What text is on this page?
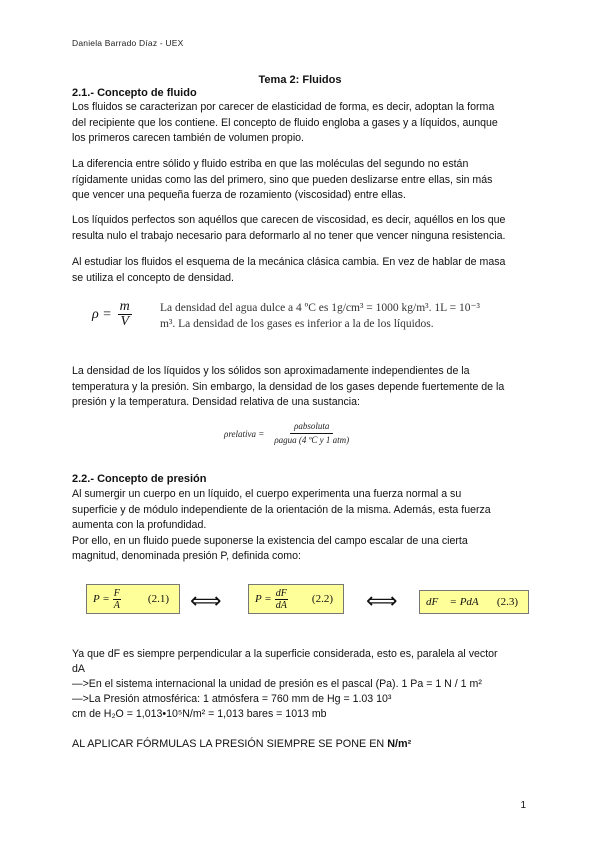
Daniela Barrado Díaz - UEX
Tema 2: Fluidos
2.1.- Concepto de fluido
Los fluidos se caracterizan por carecer de elasticidad de forma, es decir, adoptan la forma
del recipiente que los contiene. El concepto de fluido engloba a gases y a líquidos, aunque
los primeros carecen también de volumen propio.
La diferencia entre sólido y fluido estriba en que las moléculas del segundo no están
rígidamente unidas como las del primero, sino que pueden deslizarse entre ellas, sin más
que vencer una pequeña fuerza de rozamiento (viscosidad) entre ellas.
Los líquidos perfectos son aquéllos que carecen de viscosidad, es decir, aquéllos en los que
resulta nulo el trabajo necesario para deformarlo al no tener que vencer ninguna resistencia.
Al estudiar los fluidos el esquema de la mecánica clásica cambia. En vez de hablar de masa
se utiliza el concepto de densidad.
$\rho = \frac{m}{V}$ La densidad del agua dulce a 4 ºC es 1g/cm³ = 1000 kg/m³. 1L = 10⁻³
m³. La densidad de los gases es inferior a la de los líquidos.
La densidad de los líquidos y los sólidos son aproximadamente independientes de la
temperatura y la presión. Sin embargo, la densidad de los gases depende fuertemente de la
presión y la temperatura. Densidad relativa de una sustancia:
ρrelativa = $\frac{\text{ρabsoluta}}{\text{ρagua (4 ºC y 1 atm)}}$
2.2.- Concepto de presión
Al sumergir un cuerpo en un líquido, el cuerpo experimenta una fuerza normal a su
superficie y de módulo independiente de la orientación de la misma. Además, esta fuerza
aumenta con la profundidad.
Por ello, en un fluido puede suponerse la existencia del campo escalar de una cierta
magnitud, denominada presión P, definida como:
$P = \frac{F}{A} (2.1)$ ⟺	$P = \frac{dF}{dA} (2.2)$ ⟺	dF⃗ = PdA⃗ (2.3)
Ya que dF es siempre perpendicular a la superficie considerada, esto es, paralela al vector
dA
—>En el sistema internacional la unidad de presión es el pascal (Pa). 1 Pa = 1 N / 1 m²
—>La Presión atmosférica: 1 atmósfera = 760 mm de Hg = 1.03 10³
cm de H₂O = 1,013•10⁵N/m² = 1,013 bares = 1013 mb
AL APLICAR FÓRMULAS LA PRESIÓN SIEMPRE SE PONE EN N/m²
1
